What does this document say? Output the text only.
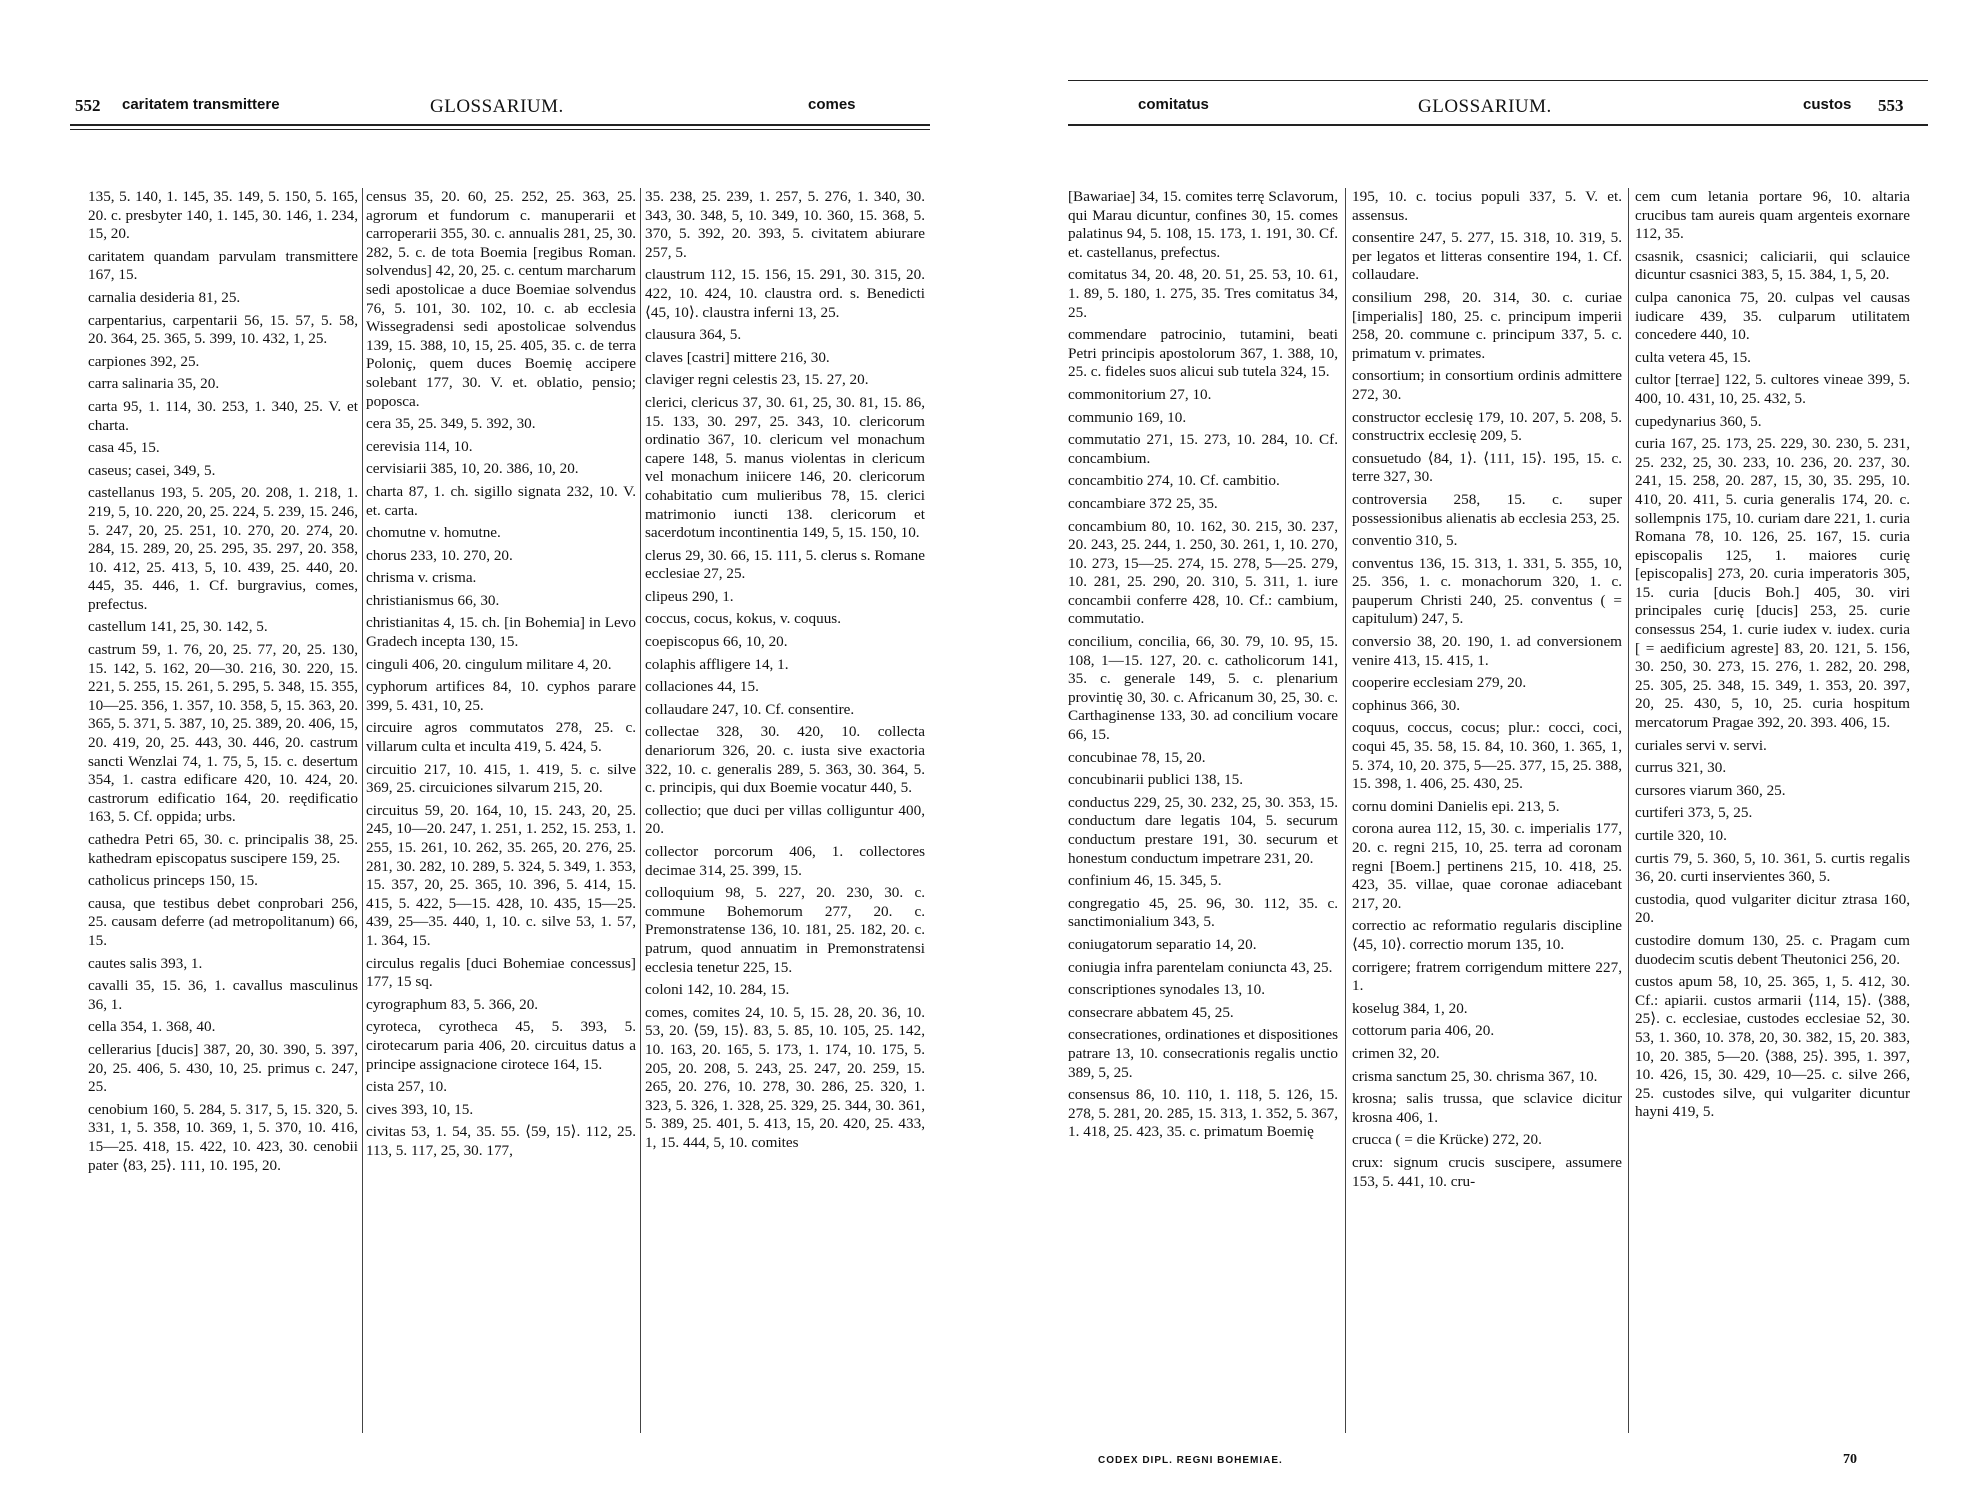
552 caritatem transmittere	GLOSSARIUM.	comes
135, 5. 140, 1. 145, 35. 149, 5. 150, 5. 165, 20. c. presbyter 140, 1. 145, 30. 146, 1. 234, 15, 20.
caritatem quandam parvulam transmittere 167, 15.
carnalia desideria 81, 25.
carpentarius, carpentarii 56, 15. 57, 5. 58, 20. 364, 25. 365, 5. 399, 10. 432, 1, 25.
carpiones 392, 25.
carra salinaria 35, 20.
carta 95, 1. 114, 30. 253, 1. 340, 25. V. et charta.
casa 45, 15.
caseus; casei, 349, 5.
castellanus 193, 5. 205, 20. 208, 1. 218, 1. 219, 5, 10. 220, 20, 25. 224, 5. 239, 15. 246, 5. 247, 20, 25. 251, 10. 270, 20. 274, 20. 284, 15. 289, 20, 25. 295, 35. 297, 20. 358, 10. 412, 25. 413, 5, 10. 439, 25. 440, 20. 445, 35. 446, 1. Cf. burgravius, comes, prefectus.
castellum 141, 25, 30. 142, 5.
castrum 59, 1. 76, 20, 25. 77, 20, 25. 130, 15. 142, 5. 162, 20—30. 216, 30. 220, 15. 221, 5. 255, 15. 261, 5. 295, 5. 348, 15. 355, 10—25. 356, 1. 357, 10. 358, 5, 15. 363, 20. 365, 5. 371, 5. 387, 10, 25. 389, 20. 406, 15, 20. 419, 20, 25. 443, 30. 446, 20. castrum sancti Wenzlai 74, 1. 75, 5, 15. c. desertum 354, 1. castra edificare 420, 10. 424, 20. castrorum edificatio 164, 20. reędificatio 163, 5. Cf. oppida; urbs.
cathedra Petri 65, 30. c. principalis 38, 25. kathedram episcopatus suscipere 159, 25.
catholicus princeps 150, 15.
causa, que testibus debet conprobari 256, 25. causam deferre (ad metropolitanum) 66, 15.
cautes salis 393, 1.
cavalli 35, 15. 36, 1. cavallus masculinus 36, 1.
cella 354, 1. 368, 40.
cellerarius [ducis] 387, 20, 30. 390, 5. 397, 20, 25. 406, 5. 430, 10, 25. primus c. 247, 25.
cenobium 160, 5. 284, 5. 317, 5, 15. 320, 5. 331, 1, 5. 358, 10. 369, 1, 5. 370, 10. 416, 15—25. 418, 15. 422, 10. 423, 30. cenobii pater ⟨83, 25⟩. 111, 10. 195, 20.
census 35, 20. 60, 25. 252, 25. 363, 25. agrorum et fundorum c. manuperarii et carroperarii 355, 30. c. annualis 281, 25, 30. 282, 5. c. de tota Boemia [regibus Roman. solvendus] 42, 20, 25. c. centum marcharum sedi apostolicae a duce Boemiae solvendus 76, 5. 101, 30. 102, 10. c. ab ecclesia Wissegradensi sedi apostolicae solvendus 139, 15. 388, 10, 15, 25. 405, 35. c. de terra Poloniç, quem duces Boemię accipere solebant 177, 30. V. et. oblatio, pensio; poposca.
cera 35, 25. 349, 5. 392, 30.
cerevisia 114, 10.
cervisiarii 385, 10, 20. 386, 10, 20.
charta 87, 1. ch. sigillo signata 232, 10. V. et. carta.
chomutne v. homutne.
chorus 233, 10. 270, 20.
chrisma v. crisma.
christianismus 66, 30.
christianitas 4, 15. ch. [in Bohemia] in Levo Gradech incepta 130, 15.
cinguli 406, 20. cingulum militare 4, 20.
cyphorum artifices 84, 10. cyphos parare 399, 5. 431, 10, 25.
circuire agros commutatos 278, 25. c. villarum culta et inculta 419, 5. 424, 5.
circuitio 217, 10. 415, 1. 419, 5. c. silve 369, 25. circuiciones silvarum 215, 20.
circuitus 59, 20. 164, 10, 15. 243, 20, 25. 245, 10—20. 247, 1. 251, 1. 252, 15. 253, 1. 255, 15. 261, 10. 262, 35. 265, 20. 276, 25. 281, 30. 282, 10. 289, 5. 324, 5. 349, 1. 353, 15. 357, 20, 25. 365, 10. 396, 5. 414, 15. 415, 5. 422, 5—15. 428, 10. 435, 15—25. 439, 25—35. 440, 1, 10. c. silve 53, 1. 57, 1. 364, 15.
circulus regalis [duci Bohemiae concessus] 177, 15 sq.
cyrographum 83, 5. 366, 20.
cyroteca, cyrotheca 45, 5. 393, 5. cirotecarum paria 406, 20. circuitus datus a principe assignacione cirotece 164, 15.
cista 257, 10.
cives 393, 10, 15.
civitas 53, 1. 54, 35. 55. ⟨59, 15⟩. 112, 25. 113, 5. 117, 25, 30. 177,
35. 238, 25. 239, 1. 257, 5. 276, 1. 340, 30. 343, 30. 348, 5, 10. 349, 10. 360, 15. 368, 5. 370, 5. 392, 20. 393, 5. civitatem abiurare 257, 5.
claustrum 112, 15. 156, 15. 291, 30. 315, 20. 422, 10. 424, 10. claustra ord. s. Benedicti ⟨45, 10⟩. claustra inferni 13, 25.
clausura 364, 5.
claves [castri] mittere 216, 30.
claviger regni celestis 23, 15. 27, 20.
clerici, clericus 37, 30. 61, 25, 30. 81, 15. 86, 15. 133, 30. 297, 25. 343, 10. clericorum ordinatio 367, 10. clericum vel monachum capere 148, 5. manus violentas in clericum vel monachum iniicere 146, 20. clericorum cohabitatio cum mulieribus 78, 15. clerici matrimonio iuncti 138. clericorum et sacerdotum incontinentia 149, 5, 15. 150, 10.
clerus 29, 30. 66, 15. 111, 5. clerus s. Romane ecclesiae 27, 25.
clipeus 290, 1.
coccus, cocus, kokus, v. coquus.
coepiscopus 66, 10, 20.
colaphis affligere 14, 1.
collaciones 44, 15.
collaudare 247, 10. Cf. consentire.
collectae 328, 30. 420, 10. collecta denariorum 326, 20. c. iusta sive exactoria 322, 10. c. generalis 289, 5. 363, 30. 364, 5. c. principis, qui dux Boemie vocatur 440, 5.
collectio; que duci per villas colliguntur 400, 20.
collector porcorum 406, 1. collectores decimae 314, 25. 399, 15.
colloquium 98, 5. 227, 20. 230, 30. c. commune Bohemorum 277, 20. c. Premonstratense 136, 10. 181, 25. 182, 20. c. patrum, quod annuatim in Premonstratensi ecclesia tenetur 225, 15.
coloni 142, 10. 284, 15.
comes, comites 24, 10. 5, 15. 28, 20. 36, 10. 53, 20. ⟨59, 15⟩. 83, 5. 85, 10. 105, 25. 142, 10. 163, 20. 165, 5. 173, 1. 174, 10. 175, 5. 205, 20. 208, 5. 243, 25. 247, 20. 259, 15. 265, 20. 276, 10. 278, 30. 286, 25. 320, 1. 323, 5. 326, 1. 328, 25. 329, 25. 344, 30. 361, 5. 389, 25. 401, 5. 413, 15, 20. 420, 25. 433, 1, 15. 444, 5, 10. comites
comitatus	GLOSSARIUM.	custos 553
[Bawariae] 34, 15. comites terrę Sclavorum, qui Marau dicuntur, confines 30, 15. comes palatinus 94, 5. 108, 15. 173, 1. 191, 30. Cf. et. castellanus, prefectus.
comitatus 34, 20. 48, 20. 51, 25. 53, 10. 61, 1. 89, 5. 180, 1. 275, 35. Tres comitatus 34, 25.
commendare patrocinio, tutamini, beati Petri principis apostolorum 367, 1. 388, 10, 25. c. fideles suos alicui sub tutela 324, 15.
commonitorium 27, 10.
communio 169, 10.
commutatio 271, 15. 273, 10. 284, 10. Cf. concambium.
concambitio 274, 10. Cf. cambitio.
concambiare 372 25, 35.
concambium 80, 10. 162, 30. 215, 30. 237, 20. 243, 25. 244, 1. 250, 30. 261, 1, 10. 270, 10. 273, 15—25. 274, 15. 278, 5—25. 279, 10. 281, 25. 290, 20. 310, 5. 311, 1. iure concambii conferre 428, 10. Cf.: cambium, commutatio.
concilium, concilia, 66, 30. 79, 10. 95, 15. 108, 1—15. 127, 20. c. catholicorum 141, 35. c. generale 149, 5. c. plenarium provintię 30, 30. c. Africanum 30, 25, 30. c. Carthaginense 133, 30. ad concilium vocare 66, 15.
concubinae 78, 15, 20.
concubinarii publici 138, 15.
conductus 229, 25, 30. 232, 25, 30. 353, 15. conductum dare legatis 104, 5. securum conductum prestare 191, 30. securum et honestum conductum impetrare 231, 20.
confinium 46, 15. 345, 5.
congregatio 45, 25. 96, 30. 112, 35. c. sanctimonialium 343, 5.
coniugatorum separatio 14, 20.
coniugia infra parentelam coniuncta 43, 25.
conscriptiones synodales 13, 10.
consecrare abbatem 45, 25.
consecrationes, ordinationes et dispositiones patrare 13, 10. consecrationis regalis unctio 389, 5, 25.
consensus 86, 10. 110, 1. 118, 5. 126, 15. 278, 5. 281, 20. 285, 15. 313, 1. 352, 5. 367, 1. 418, 25. 423, 35. c. primatum Boemię
195, 10. c. tocius populi 337, 5. V. et. assensus.
consentire 247, 5. 277, 15. 318, 10. 319, 5. per legatos et litteras consentire 194, 1. Cf. collaudare.
consilium 298, 20. 314, 30. c. curiae [imperialis] 180, 25. c. principum imperii 258, 20. commune c. principum 337, 5. c. primatum v. primates.
consortium; in consortium ordinis admittere 272, 30.
constructor ecclesię 179, 10. 207, 5. 208, 5. constructrix ecclesię 209, 5.
consuetudo ⟨84, 1⟩. ⟨111, 15⟩. 195, 15. c. terre 327, 30.
controversia 258, 15. c. super possessionibus alienatis ab ecclesia 253, 25.
conventio 310, 5.
conventus 136, 15. 313, 1. 331, 5. 355, 10, 25. 356, 1. c. monachorum 320, 1. c. pauperum Christi 240, 25. conventus ( = capitulum) 247, 5.
conversio 38, 20. 190, 1. ad conversionem venire 413, 15. 415, 1.
cooperire ecclesiam 279, 20.
cophinus 366, 30.
coquus, coccus, cocus; plur.: cocci, coci, coqui 45, 35. 58, 15. 84, 10. 360, 1. 365, 1, 5. 374, 10, 20. 375, 5—25. 377, 15, 25. 388, 15. 398, 1. 406, 25. 430, 25.
cornu domini Danielis epi. 213, 5.
corona aurea 112, 15, 30. c. imperialis 177, 20. c. regni 215, 10, 25. terra ad coronam regni [Boem.] pertinens 215, 10. 418, 25. 423, 35. villae, quae coronae adiacebant 217, 20.
correctio ac reformatio regularis discipline ⟨45, 10⟩. correctio morum 135, 10.
corrigere; fratrem corrigendum mittere 227, 1.
koselug 384, 1, 20.
cottorum paria 406, 20.
crimen 32, 20.
crisma sanctum 25, 30. chrisma 367, 10.
krosna; salis trussa, que sclavice dicitur krosna 406, 1.
crucca ( = die Krücke) 272, 20.
crux: signum crucis suscipere, assumere 153, 5. 441, 10. cru-
cem cum letania portare 96, 10. altaria crucibus tam aureis quam argenteis exornare 112, 35.
csasnik, csasnici; caliciarii, qui sclauice dicuntur csasnici 383, 5, 15. 384, 1, 5, 20.
culpa canonica 75, 20. culpas vel causas iudicare 439, 35. culparum utilitatem concedere 440, 10.
culta vetera 45, 15.
cultor [terrae] 122, 5. cultores vineae 399, 5. 400, 10. 431, 10, 25. 432, 5.
cupedynarius 360, 5.
curia 167, 25. 173, 25. 229, 30. 230, 5. 231, 25. 232, 25, 30. 233, 10. 236, 20. 237, 30. 241, 15. 258, 20. 287, 15, 30, 35. 295, 10. 410, 20. 411, 5. curia generalis 174, 20. c. sollempnis 175, 10. curiam dare 221, 1. curia Romana 78, 10. 126, 25. 167, 15. curia episcopalis 125, 1. maiores curię [episcopalis] 273, 20. curia imperatoris 305, 15. curia [ducis Boh.] 405, 30. viri principales curię [ducis] 253, 25. curie consessus 254, 1. curie iudex v. iudex. curia [ = aedificium agreste] 83, 20. 121, 5. 156, 30. 250, 30. 273, 15. 276, 1. 282, 20. 298, 25. 305, 25. 348, 15. 349, 1. 353, 20. 397, 20, 25. 430, 5, 10, 25. curia hospitum mercatorum Pragae 392, 20. 393. 406, 15.
curiales servi v. servi.
currus 321, 30.
cursores viarum 360, 25.
curtiferi 373, 5, 25.
curtile 320, 10.
curtis 79, 5. 360, 5, 10. 361, 5. curtis regalis 36, 20. curti inservientes 360, 5.
custodia, quod vulgariter dicitur ztrasa 160, 20.
custodire domum 130, 25. c. Pragam cum duodecim scutis debent Theutonici 256, 20.
custos apum 58, 10, 25. 365, 1, 5. 412, 30. Cf.: apiarii. custos armarii ⟨114, 15⟩. ⟨388, 25⟩. c. ecclesiae, custodes ecclesiae 52, 30. 53, 1. 360, 10. 378, 20, 30. 382, 15, 20. 383, 10, 20. 385, 5—20. ⟨388, 25⟩. 395, 1. 397, 10. 426, 15, 30. 429, 10—25. c. silve 266, 25. custodes silve, qui vulgariter dicuntur hayni 419, 5.
CODEX DIPL. REGNI BOHEMIAE.	70
